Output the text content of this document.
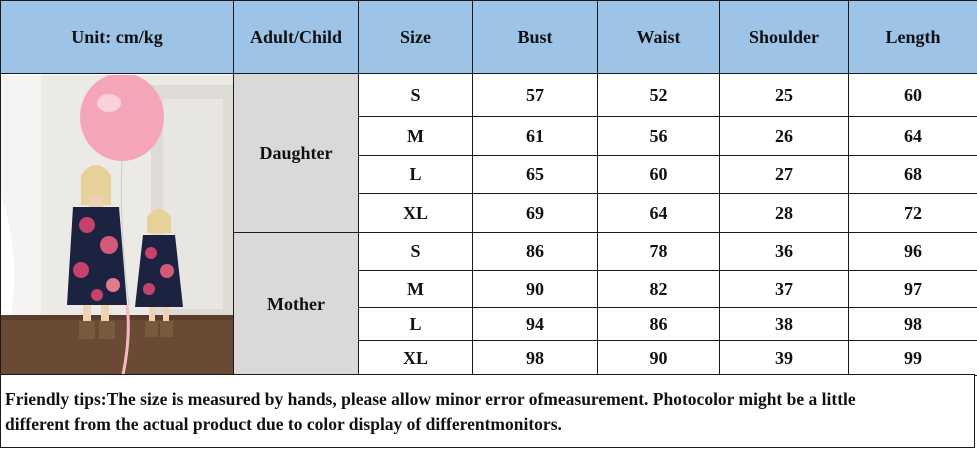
Unit: cm/kg	Adult/Child	Size	Bust	Waist	Shoulder	Length

	Daughter	S	57	52	25	60
		M	61	56	26	64
		L	65	60	27	68
		XL	69	64	28	72
	Mother	S	86	78	36	96
		M	90	82	37	97
		L	94	86	38	98
		XL	98	90	39	99
Friendly tips:The size is measured by hands, please allow minor error ofmeasurement. Photocolor might be a little
different from the actual product due to color display of differentmonitors.
